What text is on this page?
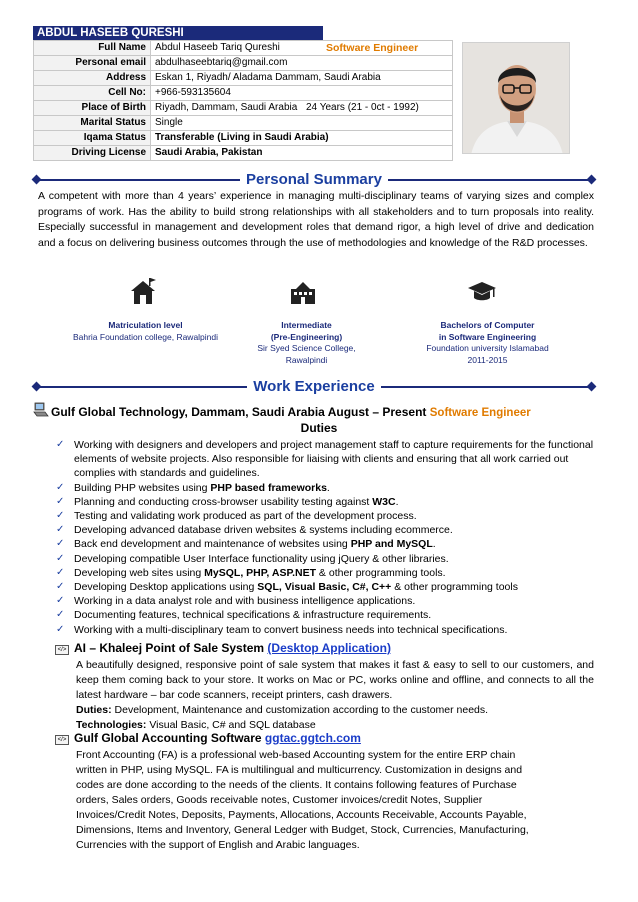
ABDUL HASEEB QURESHI
Full Name	Abdul Haseeb Tariq Qureshi Software Engineer

Personal email	abdulhaseebtariq@gmail.com
Address	Eskan 1, Riyadh/ Aladama Dammam, Saudi Arabia
Cell No:	+966-593135604
Place of Birth	Riyadh, Dammam, Saudi Arabia 24 Years (21 - 0ct - 1992)

Marital Status	Single
Iqama Status	Transferable (Living in Saudi Arabia)
Driving License	Saudi Arabia, Pakistan
Personal Summary
A competent with more than 4 years’ experience in managing multi-disciplinary teams of varying sizes and complex programs of work. Has the ability to build strong relationships with all stakeholders and to turn proposals into reality. Especially successful in management and development roles that demand rigor, a high level of drive and dedication and a focus on delivering business outcomes through the use of methodologies and knowledge of the R&D processes.
Matriculation level
Bahria Foundation college, Rawalpindi
Intermediate
(Pre-Engineering)
Sir Syed Science College,
Rawalpindi
Bachelors of Computer
in Software Engineering
Foundation university Islamabad
2011-2015
Work Experience
Gulf Global Technology, Dammam, Saudi Arabia August – Present Software Engineer
Duties
✓ Working with designers and developers and project management staff to capture requirements for the functional elements of website projects. Also responsible for liaising with clients and ensuring that all work carried out complies with standards and guidelines.
✓ Building PHP websites using PHP based frameworks.
✓ Planning and conducting cross-browser usability testing against W3C.
✓ Testing and validating work produced as part of the development process.
✓ Developing advanced database driven websites & systems including ecommerce.
✓ Back end development and maintenance of websites using PHP and MySQL.
✓ Developing compatible User Interface functionality using jQuery & other libraries.
✓ Developing web sites using MySQL, PHP, ASP.NET & other programming tools.
✓ Developing Desktop applications using SQL, Visual Basic, C#, C++ & other programming tools
✓ Working in a data analyst role and with business intelligence applications.
✓ Documenting features, technical specifications & infrastructure requirements.
✓ Working with a multi-disciplinary team to convert business needs into technical specifications.
</> AI – Khaleej Point of Sale System (Desktop Application)
A beautifully designed, responsive point of sale system that makes it fast & easy to sell to our customers, and keep them coming back to your store. It works on Mac or PC, works online and offline, and connects to all the latest hardware – bar code scanners, receipt printers, cash drawers.
Duties: Development, Maintenance and customization according to the customer needs.
Technologies: Visual Basic, C# and SQL database
</> Gulf Global Accounting Software ggtac.ggtch.com
Front Accounting (FA) is a professional web-based Accounting system for the entire ERP chain written in PHP, using MySQL. FA is multilingual and multicurrency. Customization in designs and codes are done according to the needs of the clients. It contains following features of Purchase orders, Sales orders, Goods receivable notes, Customer invoices/credit Notes, Supplier Invoices/Credit Notes, Deposits, Payments, Allocations, Accounts Receivable, Accounts Payable, Dimensions, Items and Inventory, General Ledger with Budget, Stock, Currencies, Manufacturing, Currencies with the support of English and Arabic languages.
